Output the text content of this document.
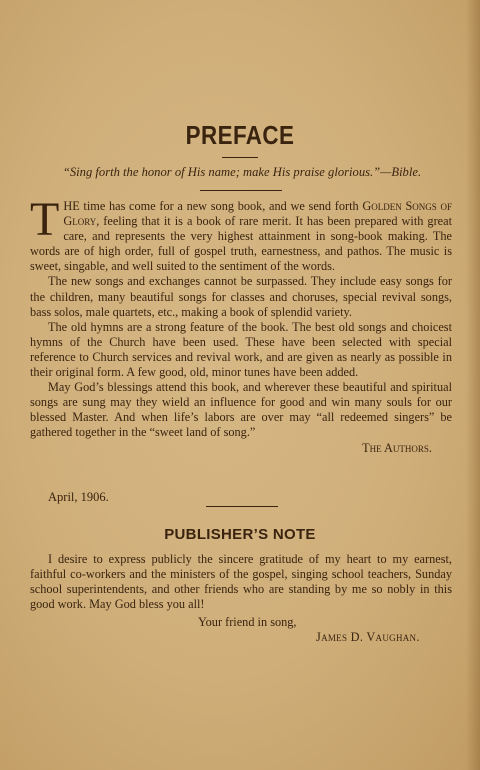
PREFACE
“Sing forth the honor of His name; make His praise glorious.”—Bible.

THE time has come for a new song book, and we send forth Golden Songs of Glory, feeling that it is a book of rare merit. It has been prepared with great care, and represents the very highest attainment in song-book making. The words are of high order, full of gospel truth, earnestness, and pathos. The music is sweet, singable, and well suited to the sentiment of the words.

The new songs and exchanges cannot be surpassed. They include easy songs for the children, many beautiful songs for classes and choruses, special revival songs, bass solos, male quartets, etc., making a book of splendid variety.

The old hymns are a strong feature of the book. The best old songs and choicest hymns of the Church have been used. These have been selected with special reference to Church services and revival work, and are given as nearly as possible in their original form. A few good, old, minor tunes have been added.

May God’s blessings attend this book, and wherever these beautiful and spiritual songs are sung may they wield an influence for good and win many souls for our blessed Master. And when life’s labors are over may “all redeemed singers” be gathered together in the “sweet land of song.”

The Authors.
April, 1906.
PUBLISHER’S NOTE

I desire to express publicly the sincere gratitude of my heart to my earnest, faithful co-workers and the ministers of the gospel, singing school teachers, Sunday school superintendents, and other friends who are standing by me so nobly in this good work. May God bless you all!

Your friend in song,
James D. Vaughan.
